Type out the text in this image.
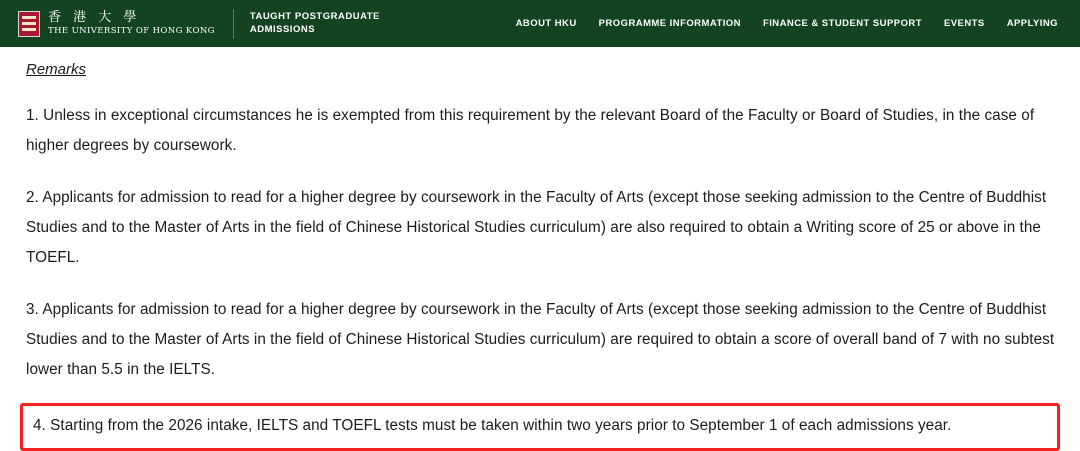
香 港 大 學
THE UNIVERSITY OF HONG KONG
TAUGHT POSTGRADUATE
ADMISSIONS	ABOUT HKU PROGRAMME INFORMATION FINANCE & STUDENT SUPPORT EVENTS APPLYING
Remarks

1. Unless in exceptional circumstances he is exempted from this requirement by the relevant Board of the Faculty or Board of Studies, in the case of higher degrees by coursework.

2. Applicants for admission to read for a higher degree by coursework in the Faculty of Arts (except those seeking admission to the Centre of Buddhist Studies and to the Master of Arts in the field of Chinese Historical Studies curriculum) are also required to obtain a Writing score of 25 or above in the TOEFL.

3. Applicants for admission to read for a higher degree by coursework in the Faculty of Arts (except those seeking admission to the Centre of Buddhist Studies and to the Master of Arts in the field of Chinese Historical Studies curriculum) are required to obtain a score of overall band of 7 with no subtest lower than 5.5 in the IELTS.

4. Starting from the 2026 intake, IELTS and TOEFL tests must be taken within two years prior to September 1 of each admissions year.
